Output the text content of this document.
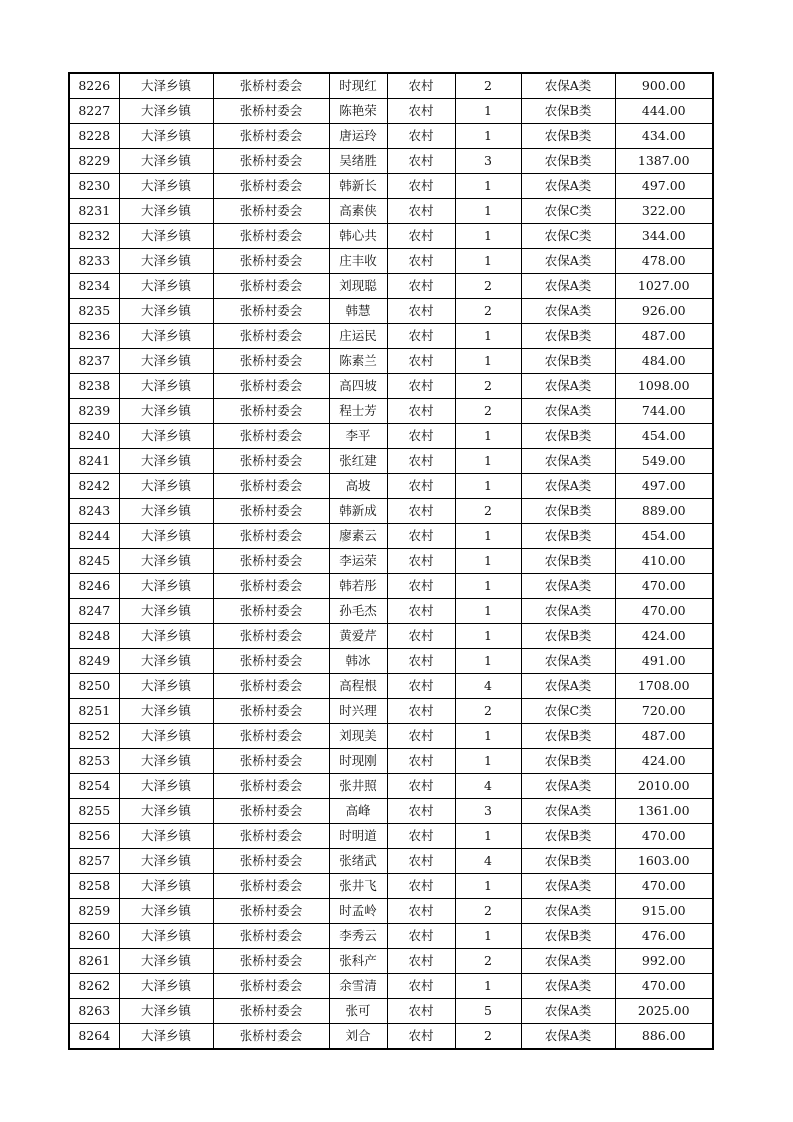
8226	大泽乡镇	张桥村委会	时现红	农村	2	农保A类	900.00
8227	大泽乡镇	张桥村委会	陈艳荣	农村	1	农保B类	444.00
8228	大泽乡镇	张桥村委会	唐运玲	农村	1	农保B类	434.00
8229	大泽乡镇	张桥村委会	吴绪胜	农村	3	农保B类	1387.00
8230	大泽乡镇	张桥村委会	韩新长	农村	1	农保A类	497.00
8231	大泽乡镇	张桥村委会	高素侠	农村	1	农保C类	322.00
8232	大泽乡镇	张桥村委会	韩心共	农村	1	农保C类	344.00
8233	大泽乡镇	张桥村委会	庄丰收	农村	1	农保A类	478.00
8234	大泽乡镇	张桥村委会	刘现聪	农村	2	农保A类	1027.00
8235	大泽乡镇	张桥村委会	韩慧	农村	2	农保A类	926.00
8236	大泽乡镇	张桥村委会	庄运民	农村	1	农保B类	487.00
8237	大泽乡镇	张桥村委会	陈素兰	农村	1	农保B类	484.00
8238	大泽乡镇	张桥村委会	高四坡	农村	2	农保A类	1098.00
8239	大泽乡镇	张桥村委会	程士芳	农村	2	农保A类	744.00
8240	大泽乡镇	张桥村委会	李平	农村	1	农保B类	454.00
8241	大泽乡镇	张桥村委会	张红建	农村	1	农保A类	549.00
8242	大泽乡镇	张桥村委会	高坡	农村	1	农保A类	497.00
8243	大泽乡镇	张桥村委会	韩新成	农村	2	农保B类	889.00
8244	大泽乡镇	张桥村委会	廖素云	农村	1	农保B类	454.00
8245	大泽乡镇	张桥村委会	李运荣	农村	1	农保B类	410.00
8246	大泽乡镇	张桥村委会	韩若彤	农村	1	农保A类	470.00
8247	大泽乡镇	张桥村委会	孙毛杰	农村	1	农保A类	470.00
8248	大泽乡镇	张桥村委会	黄爱芹	农村	1	农保B类	424.00
8249	大泽乡镇	张桥村委会	韩冰	农村	1	农保A类	491.00
8250	大泽乡镇	张桥村委会	高程根	农村	4	农保A类	1708.00
8251	大泽乡镇	张桥村委会	时兴理	农村	2	农保C类	720.00
8252	大泽乡镇	张桥村委会	刘现美	农村	1	农保B类	487.00
8253	大泽乡镇	张桥村委会	时现刚	农村	1	农保B类	424.00
8254	大泽乡镇	张桥村委会	张井照	农村	4	农保A类	2010.00
8255	大泽乡镇	张桥村委会	高峰	农村	3	农保A类	1361.00
8256	大泽乡镇	张桥村委会	时明道	农村	1	农保B类	470.00
8257	大泽乡镇	张桥村委会	张绪武	农村	4	农保B类	1603.00
8258	大泽乡镇	张桥村委会	张井飞	农村	1	农保A类	470.00
8259	大泽乡镇	张桥村委会	时孟岭	农村	2	农保A类	915.00
8260	大泽乡镇	张桥村委会	李秀云	农村	1	农保B类	476.00
8261	大泽乡镇	张桥村委会	张科产	农村	2	农保A类	992.00
8262	大泽乡镇	张桥村委会	余雪清	农村	1	农保A类	470.00
8263	大泽乡镇	张桥村委会	张可	农村	5	农保A类	2025.00
8264	大泽乡镇	张桥村委会	刘合	农村	2	农保A类	886.00
